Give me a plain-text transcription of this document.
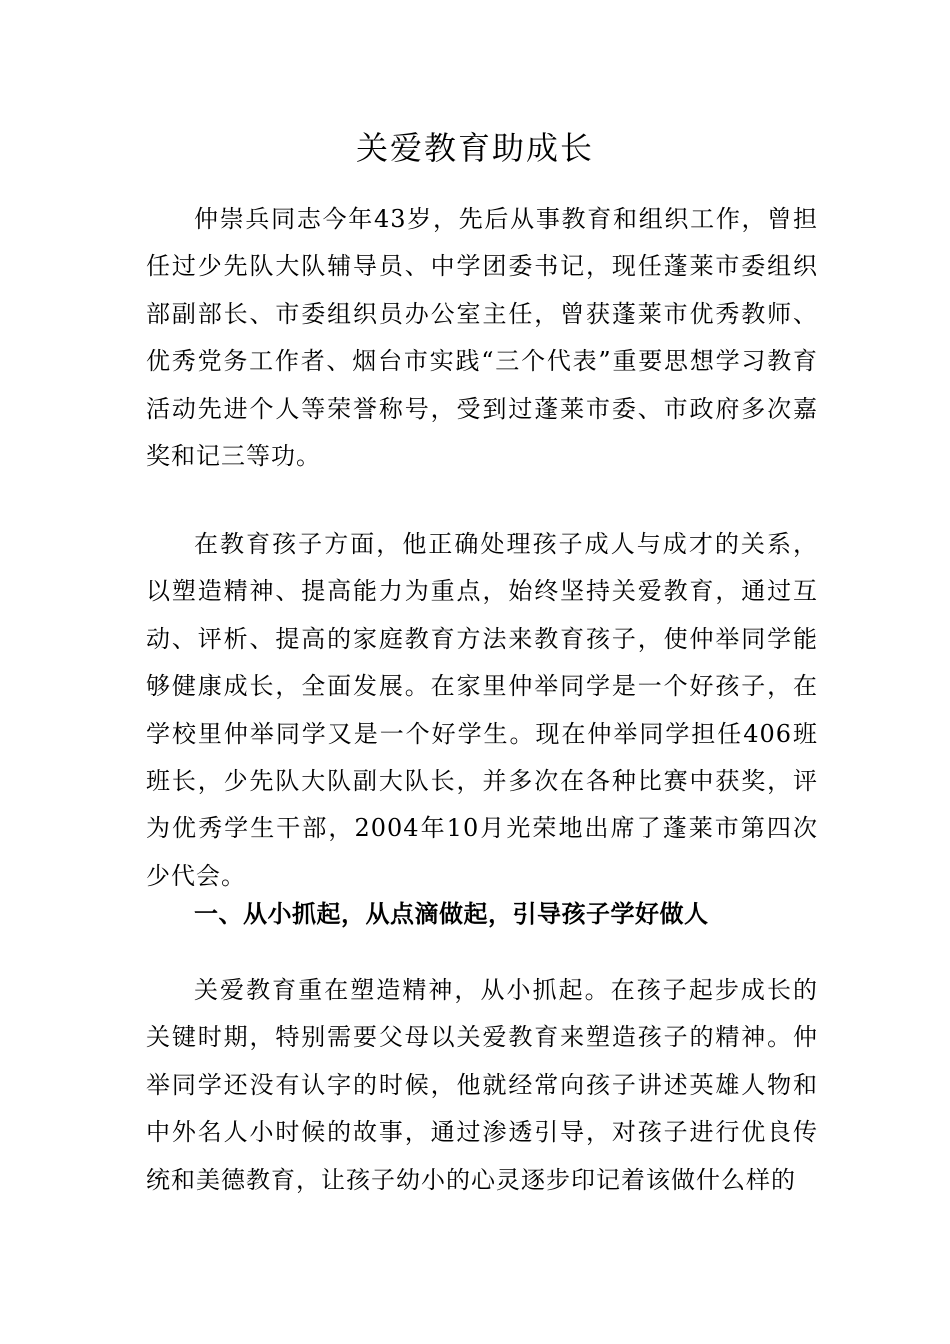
关爱教育助成长

仲崇兵同志今年43岁，先后从事教育和组织工作，曾担任过少先队大队辅导员、中学团委书记，现任蓬莱市委组织部副部长、市委组织员办公室主任，曾获蓬莱市优秀教师、优秀党务工作者、烟台市实践“三个代表”重要思想学习教育活动先进个人等荣誉称号，受到过蓬莱市委、市政府多次嘉奖和记三等功。

在教育孩子方面，他正确处理孩子成人与成才的关系，以塑造精神、提高能力为重点，始终坚持关爱教育，通过互动、评析、提高的家庭教育方法来教育孩子，使仲举同学能够健康成长，全面发展。在家里仲举同学是一个好孩子，在学校里仲举同学又是一个好学生。现在仲举同学担任406班班长，少先队大队副大队长，并多次在各种比赛中获奖，评为优秀学生干部，2004年10月光荣地出席了蓬莱市第四次少代会。

一、从小抓起，从点滴做起，引导孩子学好做人

关爱教育重在塑造精神，从小抓起。在孩子起步成长的关键时期，特别需要父母以关爱教育来塑造孩子的精神。仲举同学还没有认字的时候，他就经常向孩子讲述英雄人物和中外名人小时候的故事，通过渗透引导，对孩子进行优良传统和美德教育，让孩子幼小的心灵逐步印记着该做什么样的
